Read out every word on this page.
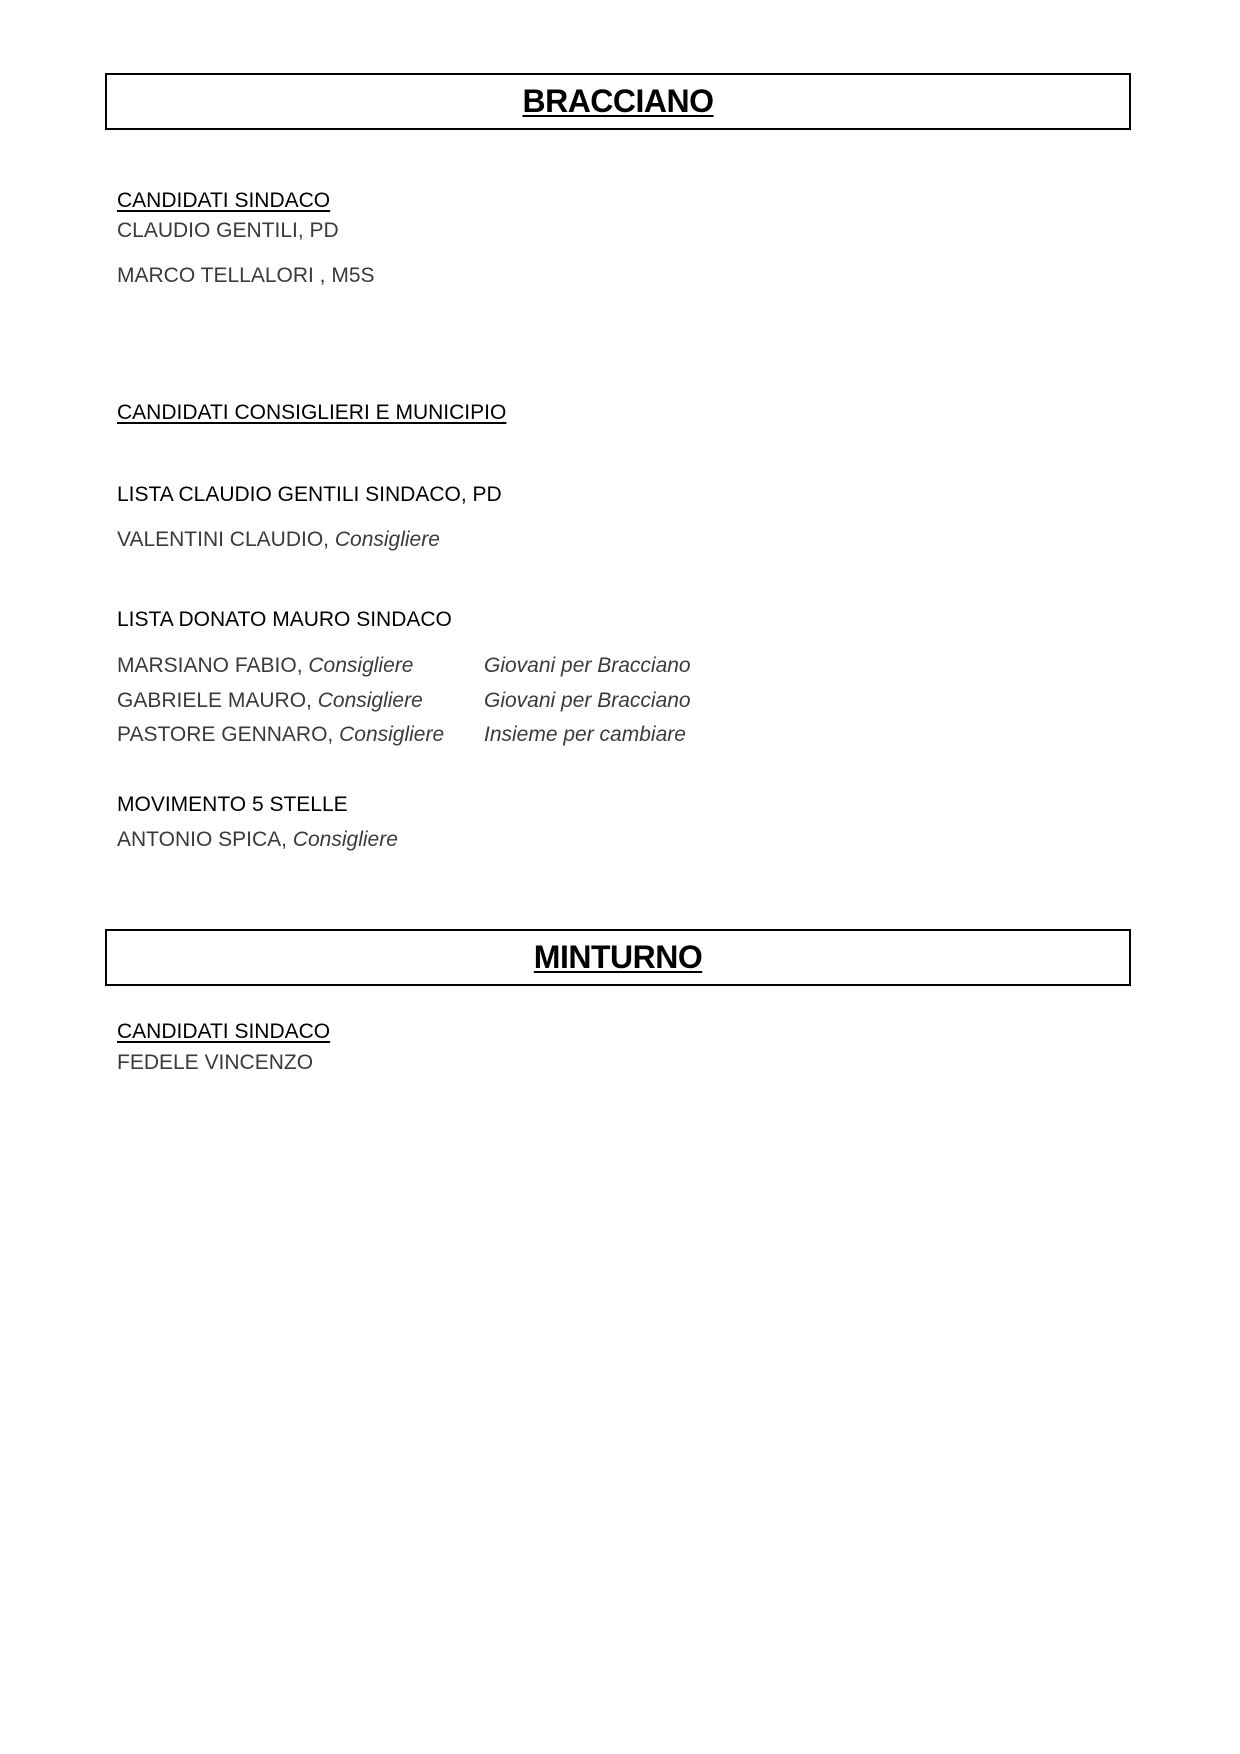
BRACCIANO
CANDIDATI SINDACO
CLAUDIO GENTILI, PD
MARCO TELLALORI , M5S
CANDIDATI CONSIGLIERI E MUNICIPIO
LISTA CLAUDIO GENTILI SINDACO, PD
VALENTINI CLAUDIO, Consigliere
LISTA DONATO MAURO SINDACO
MARSIANO FABIO, Consigliere	Giovani per Bracciano
GABRIELE MAURO, Consigliere	Giovani per Bracciano
PASTORE GENNARO, Consigliere Insieme per cambiare
MOVIMENTO 5 STELLE
ANTONIO SPICA, Consigliere
MINTURNO
CANDIDATI SINDACO
FEDELE VINCENZO
